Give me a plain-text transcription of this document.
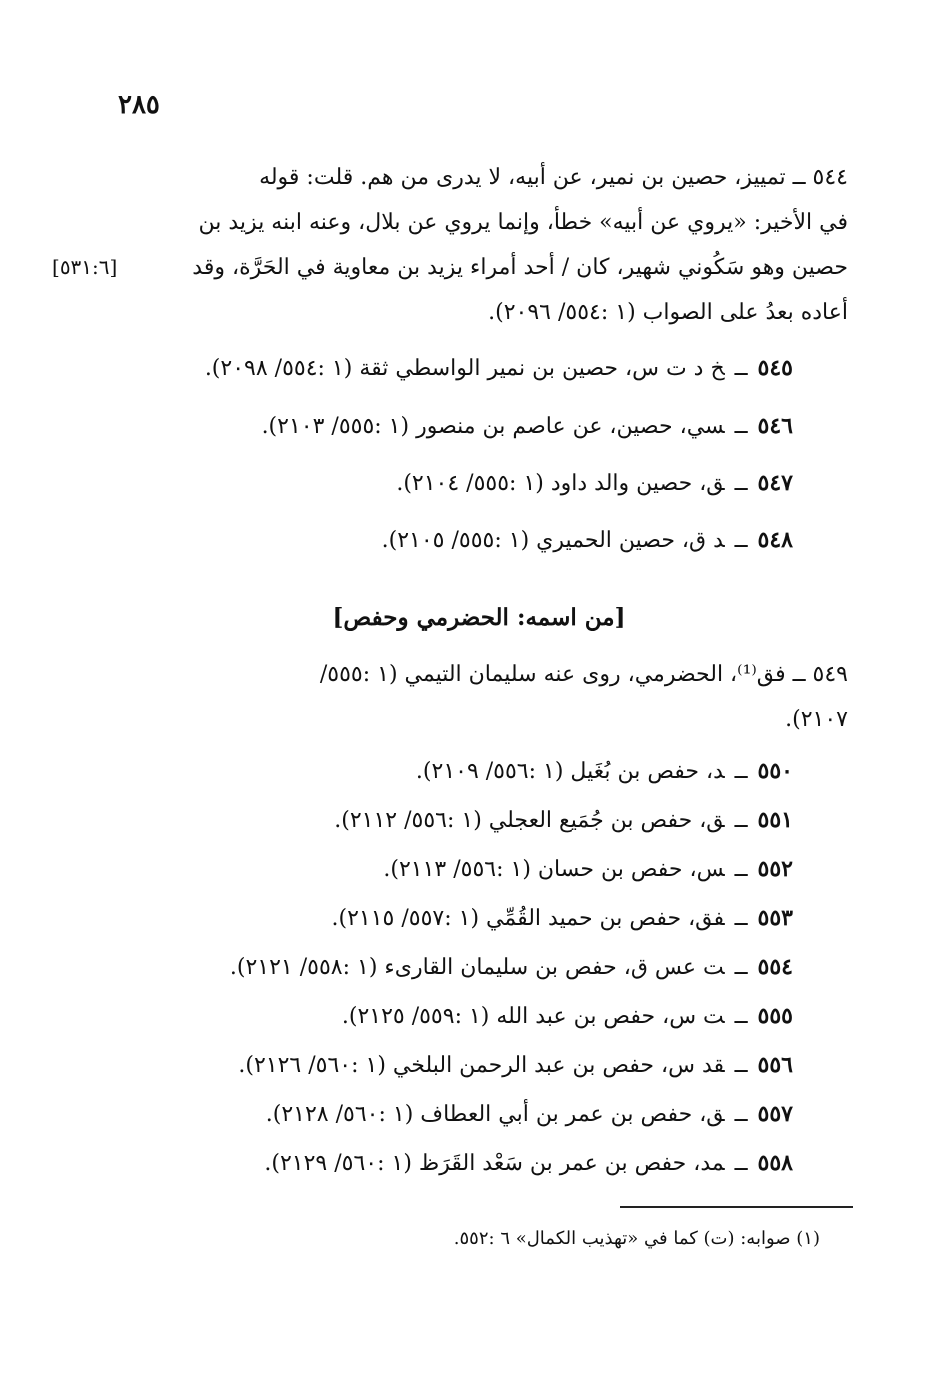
٢٨٥
٥٤٤ ــ تمييز، حصين بن نمير، عن أبيه، لا يدرى من هم. قلت: قوله
في الأخير: «يروي عن أبيه» خطأ، وإنما يروي عن بلال، وعنه ابنه يزيد بن
حصين وهو سَكُوني شهير، كان / أحد أمراء يزيد بن معاوية في الحَرَّة، وقد
أعاده بعدُ على الصواب (١ :٥٥٤/ ٢٠٩٦).
[٥٣١:٦]
٥٤٥ــخ د ت س، حصين بن نمير الواسطي ثقة (١ :٥٥٤/ ٢٠٩٨).
٥٤٦ــسي، حصين، عن عاصم بن منصور (١ :٥٥٥/ ٢١٠٣).
٥٤٧ــق، حصين والد داود (١ :٥٥٥/ ٢١٠٤).
٥٤٨ــد ق، حصين الحميري (١ :٥٥٥/ ٢١٠٥).
[من اسمه: الحضرمي وحفص]
٥٤٩ ــ فق⁽¹⁾، الحضرمي، روى عنه سليمان التيمي (١ :٥٥٥/
٢١٠٧).
٥٥٠ــد، حفص بن بُغَيل (١ :٥٥٦/ ٢١٠٩).
٥٥١ــق، حفص بن جُمَيع العجلي (١ :٥٥٦/ ٢١١٢).
٥٥٢ــس، حفص بن حسان (١ :٥٥٦/ ٢١١٣).
٥٥٣ــفق، حفص بن حميد القُمِّي (١ :٥٥٧/ ٢١١٥).
٥٥٤ــت عس ق، حفص بن سليمان القارىء (١ :٥٥٨/ ٢١٢١).
٥٥٥ــت س، حفص بن عبد الله (١ :٥٥٩/ ٢١٢٥).
٥٥٦ــقد س، حفص بن عبد الرحمن البلخي (١ :٥٦٠/ ٢١٢٦).
٥٥٧ــق، حفص بن عمر بن أبي العطاف (١ :٥٦٠/ ٢١٢٨).
٥٥٨ــمد، حفص بن عمر بن سَعْد القَرَظ (١ :٥٦٠/ ٢١٢٩).
(١) صوابه: (ت) كما في «تهذيب الكمال» ٦ :٥٥٢.
